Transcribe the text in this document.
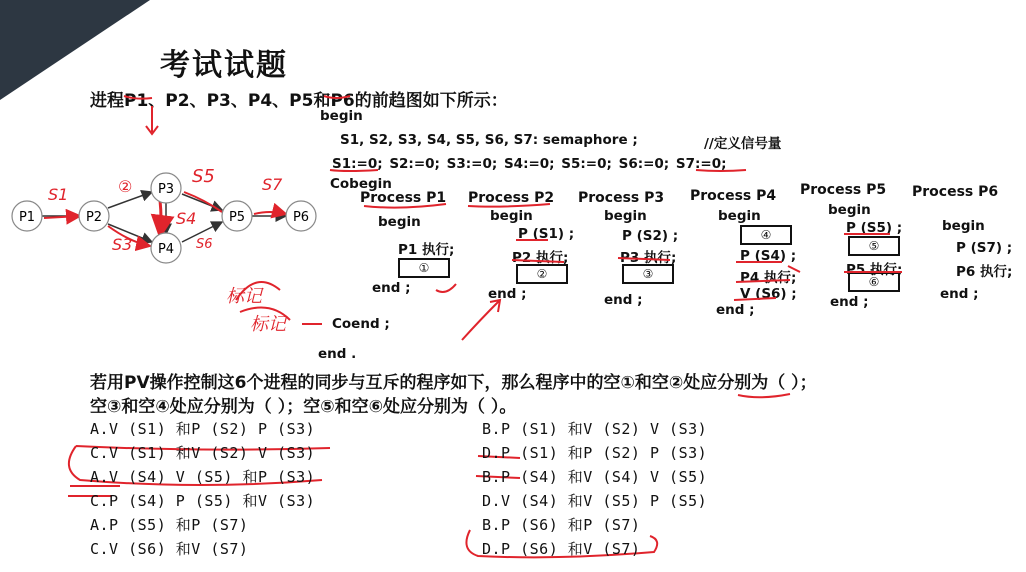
考试试题
进程P1、P2、P3、P4、P5和P6的前趋图如下所示：
P1	P2
P3
P4
P5	P6
S1	②
S3
S5
S4
S6
S7
begin
S1, S2, S3, S4, S5, S6, S7: semaphore ;	//定义信号量
S1:=0; S2:=0; S3:=0; S4:=0; S5:=0; S6:=0; S7:=0;
Cobegin
Coend ;
end .
Process P1
begin
P1 执行;
①
end ;
Process P2
begin
P (S1) ;
P2 执行;
②
end ;
Process P3
begin
P (S2) ;
P3 执行;
③
end ;
Process P4
begin
④
P (S4) ;
P4 执行;
V (S6) ;
end ;
Process P5
begin
P (S5) ;
⑤
P5 执行;
⑥
end ;
Process P6
begin
P (S7) ;
P6 执行;
end ;
标记
标记
若用PV操作控制这6个进程的同步与互斥的程序如下，那么程序中的空①和空②处应分别为（ ）；
空③和空④处应分别为（ ）；空⑤和空⑥处应分别为（ ）。
A.V (S1) 和P (S2) P (S3)	B.P (S1) 和V (S2) V (S3)
C.V (S1) 和V (S2) V (S3)	D.P (S1) 和P (S2) P (S3)
A.V (S4) V (S5) 和P (S3)	B.P (S4) 和V (S4) V (S5)
C.P (S4) P (S5) 和V (S3)	D.V (S4) 和V (S5) P (S5)
A.P (S5) 和P (S7)	B.P (S6) 和P (S7)
C.V (S6) 和V (S7)	D.P (S6) 和V (S7)
